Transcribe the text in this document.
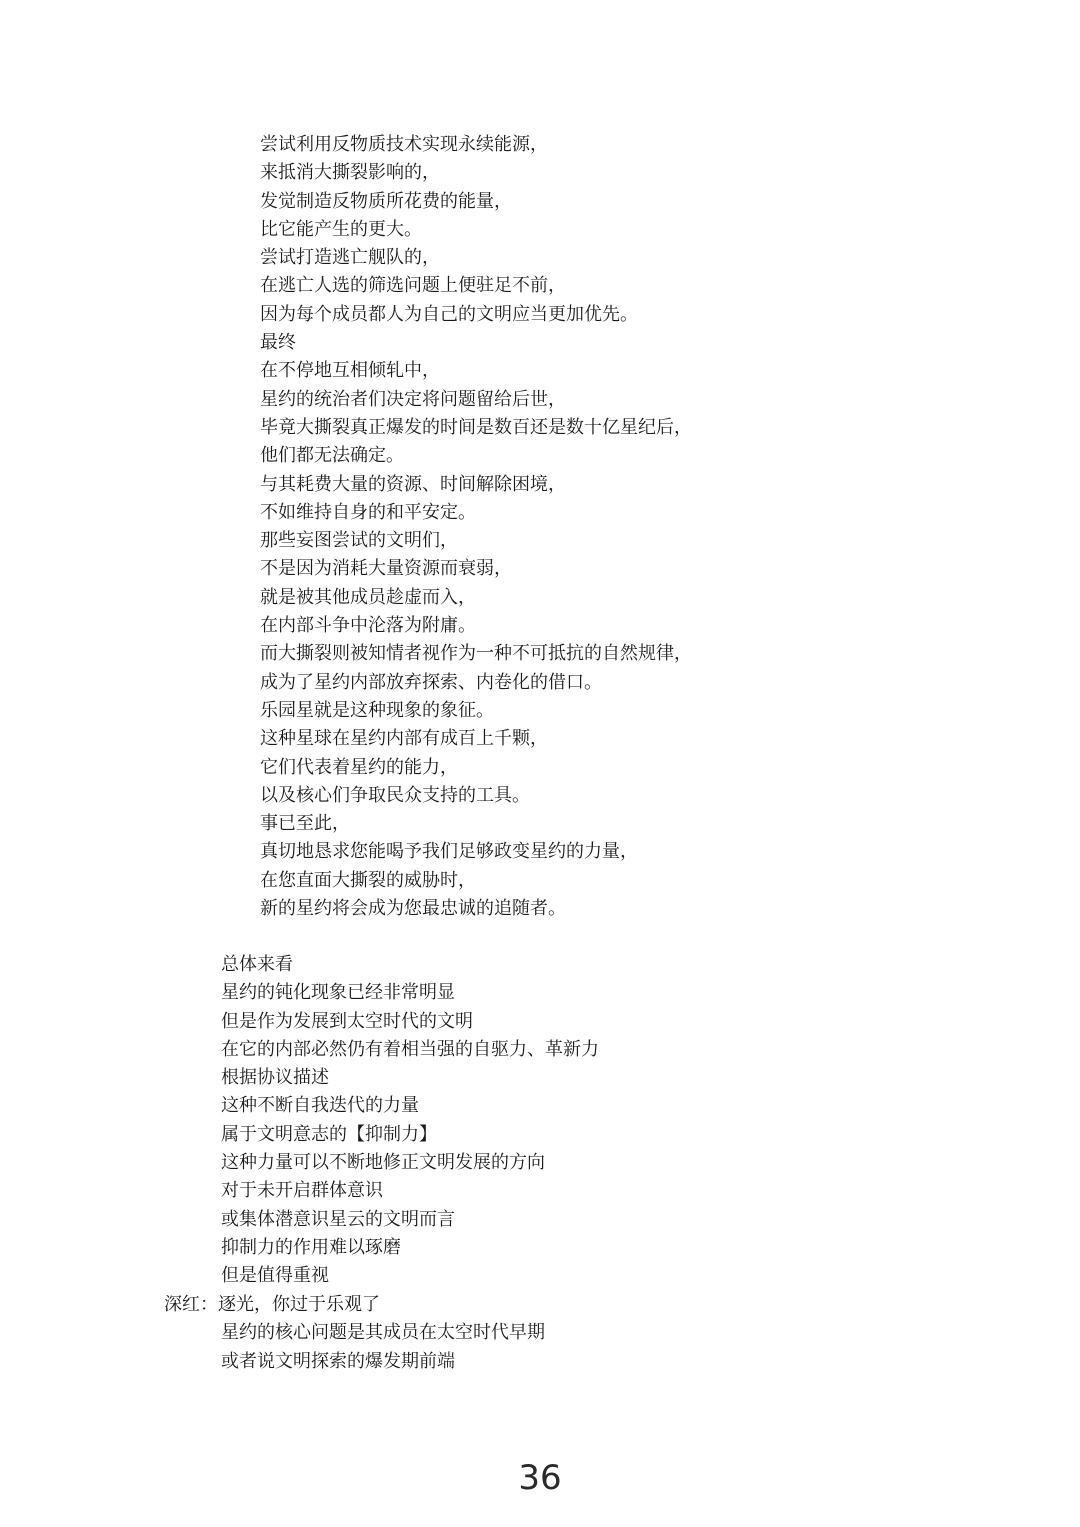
尝试利用反物质技术实现永续能源，
来抵消大撕裂影响的，
发觉制造反物质所花费的能量，
比它能产生的更大。
尝试打造逃亡舰队的，
在逃亡人选的筛选问题上便驻足不前，
因为每个成员都人为自己的文明应当更加优先。
最终
在不停地互相倾轧中，
星约的统治者们决定将问题留给后世，
毕竟大撕裂真正爆发的时间是数百还是数十亿星纪后，
他们都无法确定。
与其耗费大量的资源、时间解除困境，
不如维持自身的和平安定。
那些妄图尝试的文明们，
不是因为消耗大量资源而衰弱，
就是被其他成员趁虚而入，
在内部斗争中沦落为附庸。
而大撕裂则被知情者视作为一种不可抵抗的自然规律，
成为了星约内部放弃探索、内卷化的借口。
乐园星就是这种现象的象征。
这种星球在星约内部有成百上千颗，
它们代表着星约的能力，
以及核心们争取民众支持的工具。
事已至此，
真切地恳求您能喝予我们足够政变星约的力量，
在您直面大撕裂的威胁时，
新的星约将会成为您最忠诚的追随者。
总体来看
星约的钝化现象已经非常明显
但是作为发展到太空时代的文明
在它的内部必然仍有着相当强的自驱力、革新力
根据协议描述
这种不断自我迭代的力量
属于文明意志的【抑制力】
这种力量可以不断地修正文明发展的方向
对于未开启群体意识
或集体潜意识星云的文明而言
抑制力的作用难以琢磨
但是值得重视
深红：逐光，你过于乐观了
星约的核心问题是其成员在太空时代早期
或者说文明探索的爆发期前端
36
